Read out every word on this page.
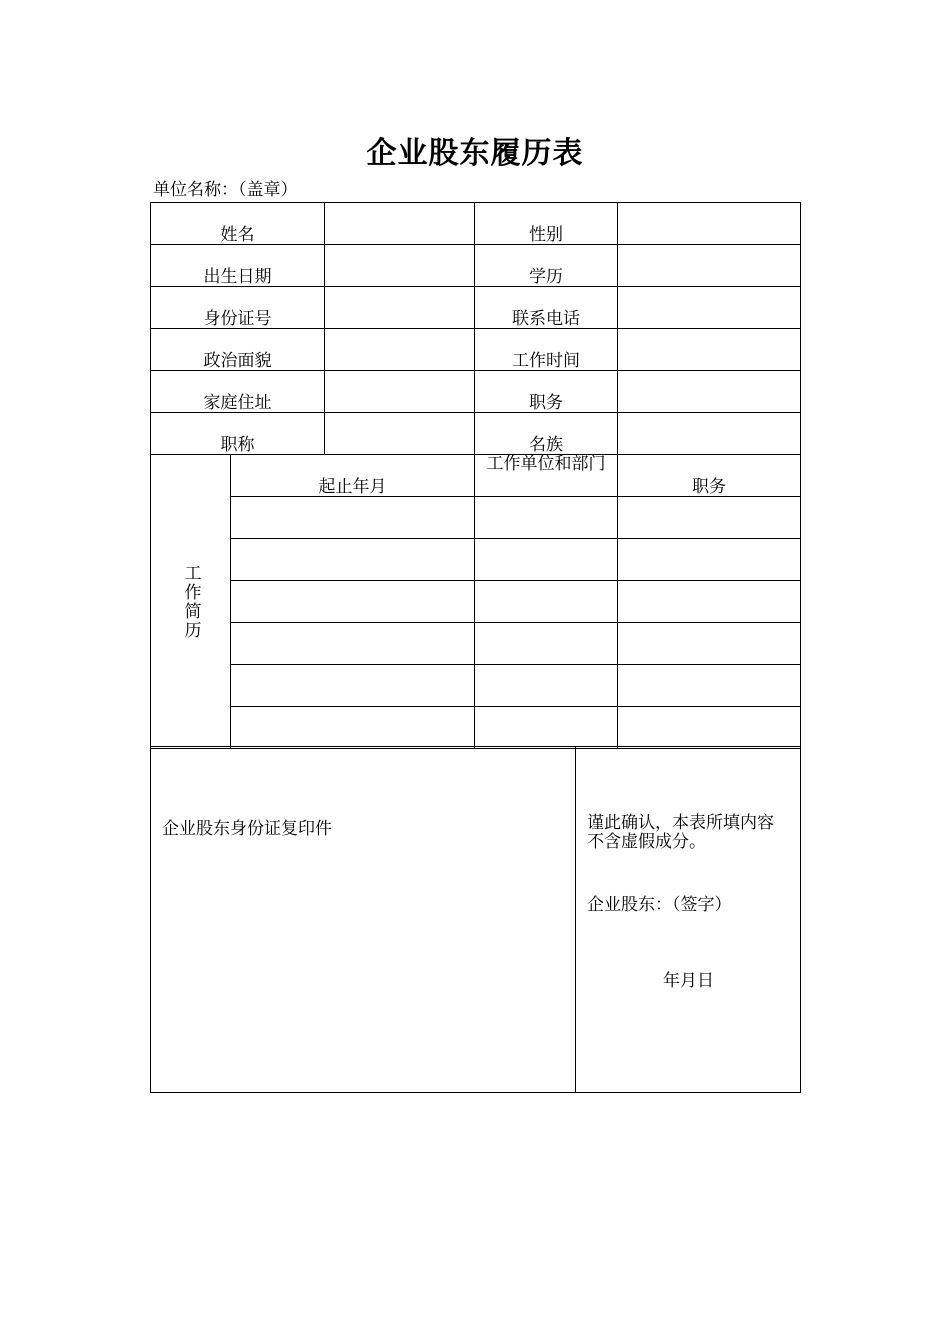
企业股东履历表
单位名称：（盖章）
姓名			性别	
出生日期			学历	
身份证号			联系电话	
政治面貌			工作时间	
家庭住址			职务	
职称			名族	
工作简历	起止年月		工作单位和部门	职务

企业股东身份证复印件	谨此确认，本表所填内容不含虚假成分。
企业股东：（签字）
年月日
